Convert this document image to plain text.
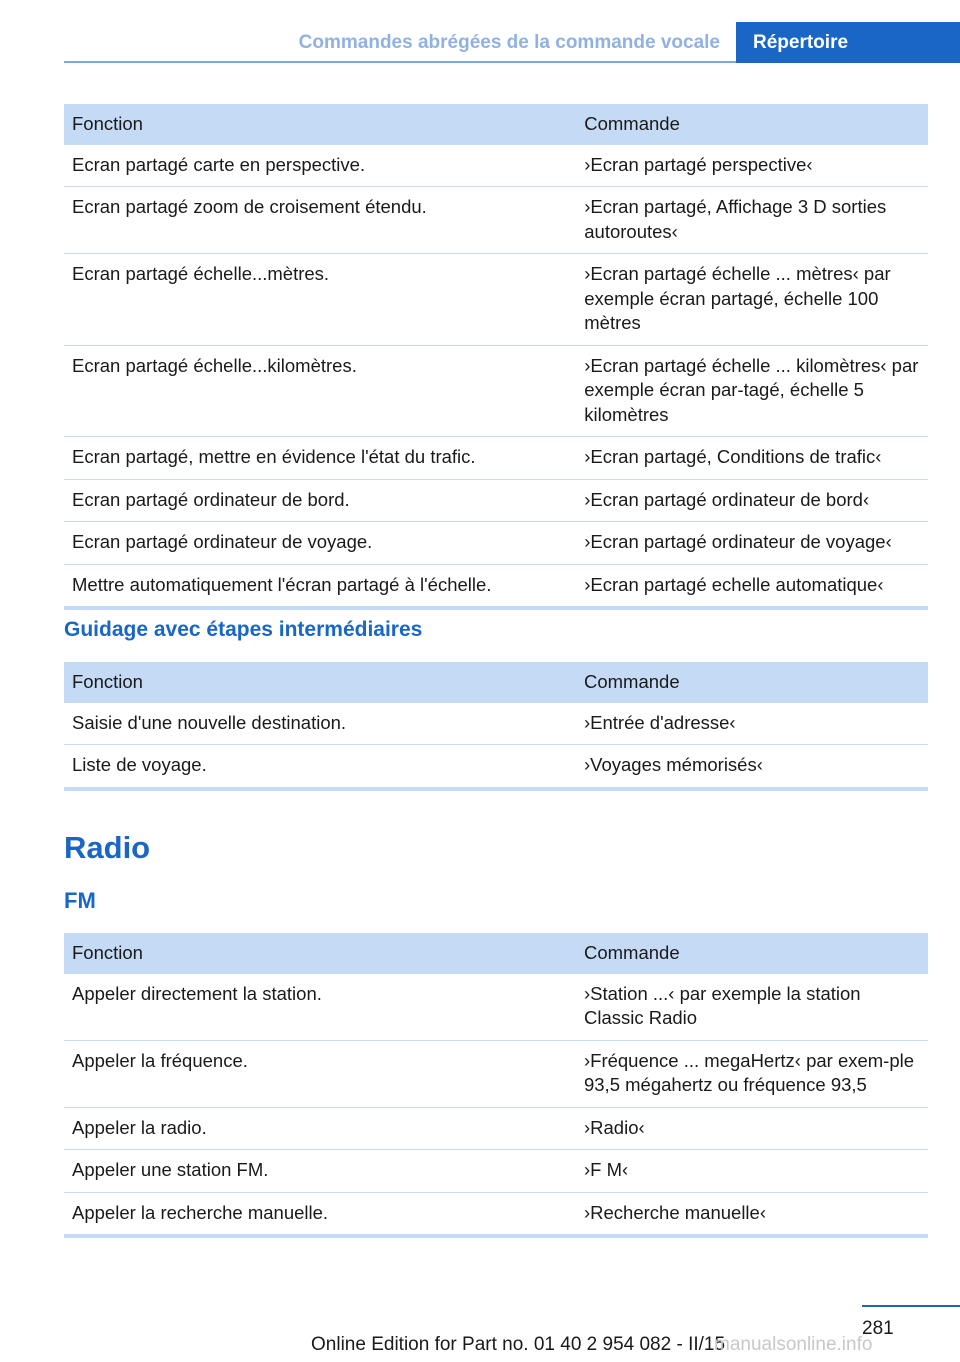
Commandes abrégées de la commande vocale Répertoire
Fonction	Commande
Ecran partagé carte en perspective.	›Ecran partagé perspective‹
Ecran partagé zoom de croisement étendu.	›Ecran partagé, Affichage 3 D sorties autoroutes‹
Ecran partagé échelle...mètres.	›Ecran partagé échelle ... mètres‹ par exemple écran partagé, échelle 100 mètres
Ecran partagé échelle...kilomètres.	›Ecran partagé échelle ... kilomètres‹ par exemple écran par‐tagé, échelle 5 kilomètres
Ecran partagé, mettre en évidence l'état du trafic.	›Ecran partagé, Conditions de trafic‹
Ecran partagé ordinateur de bord.	›Ecran partagé ordinateur de bord‹
Ecran partagé ordinateur de voyage.	›Ecran partagé ordinateur de voyage‹
Mettre automatiquement l'écran partagé à l'échelle.	›Ecran partagé echelle automatique‹
Guidage avec étapes intermédiaires
Fonction	Commande
Saisie d'une nouvelle destination.	›Entrée d'adresse‹
Liste de voyage.	›Voyages mémorisés‹
Radio
FM
Fonction	Commande
Appeler directement la station.	›Station ...‹ par exemple la station Classic Radio
Appeler la fréquence.	›Fréquence ... megaHertz‹ par exem‐ple 93,5 mégahertz ou fréquence 93,5
Appeler la radio.	›Radio‹
Appeler une station FM.	›F M‹
Appeler la recherche manuelle.	›Recherche manuelle‹
281
Online Edition for Part no. 01 40 2 954 082 - II/15
manualsonline.info
